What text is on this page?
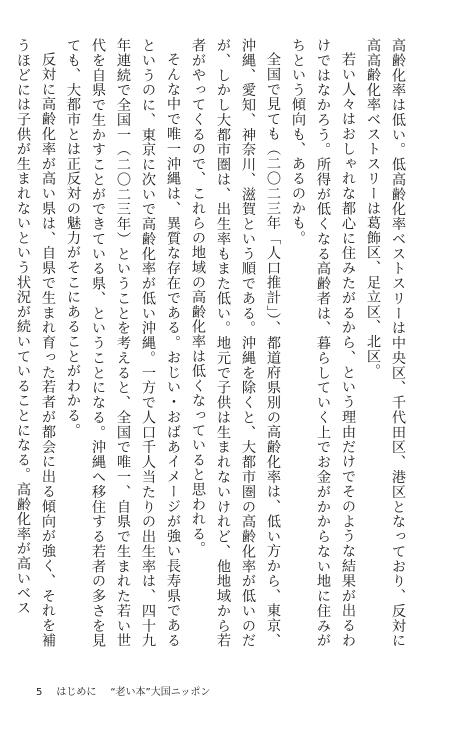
高齢化率は低い。低高齢化率ベストスリーは中央区、千代田区、港区となっており、反対に高高齢化率ベストスリーは葛飾区、足立区、北区。

若い人々はおしゃれな都心に住みたがるから、という理由だけでそのような結果が出るわけではなかろう。所得が低くなる高齢者は、暮らしていく上でお金がかからない地に住みがちという傾向も、あるのかも。

全国で見ても（二〇二三年「人口推計」）、都道府県別の高齢化率は、低い方から、東京、沖縄、愛知、神奈川、滋賀という順である。沖縄を除くと、大都市圏の高齢化率が低いのだが、しかし大都市圏は、出生率もまた低い。地元で子供は生まれないけれど、他地域から若者がやってくるので、これらの地域の高齢化率は低くなっていると思われる。

そんな中で唯一沖縄は、異質な存在である。おじい・おばあイメージが強い長寿県であるというのに、東京に次いで高齢化率が低い沖縄。一方で人口千人当たりの出生率は、四十九年連続で全国一（二〇二三年）ということを考えると、全国で唯一、自県で生まれた若い世代を自県で生かすことができている県、ということになる。沖縄へ移住する若者の多さを見ても、大都市とは正反対の魅力がそこにあることがわかる。

反対に高齢化率が高い県は、自県で生まれ育った若者が都会に出る傾向が強く、それを補うほどには子供が生まれないという状況が続いていることになる。高齢化率が高いベス

5 はじめに “老い本”大国ニッポン
